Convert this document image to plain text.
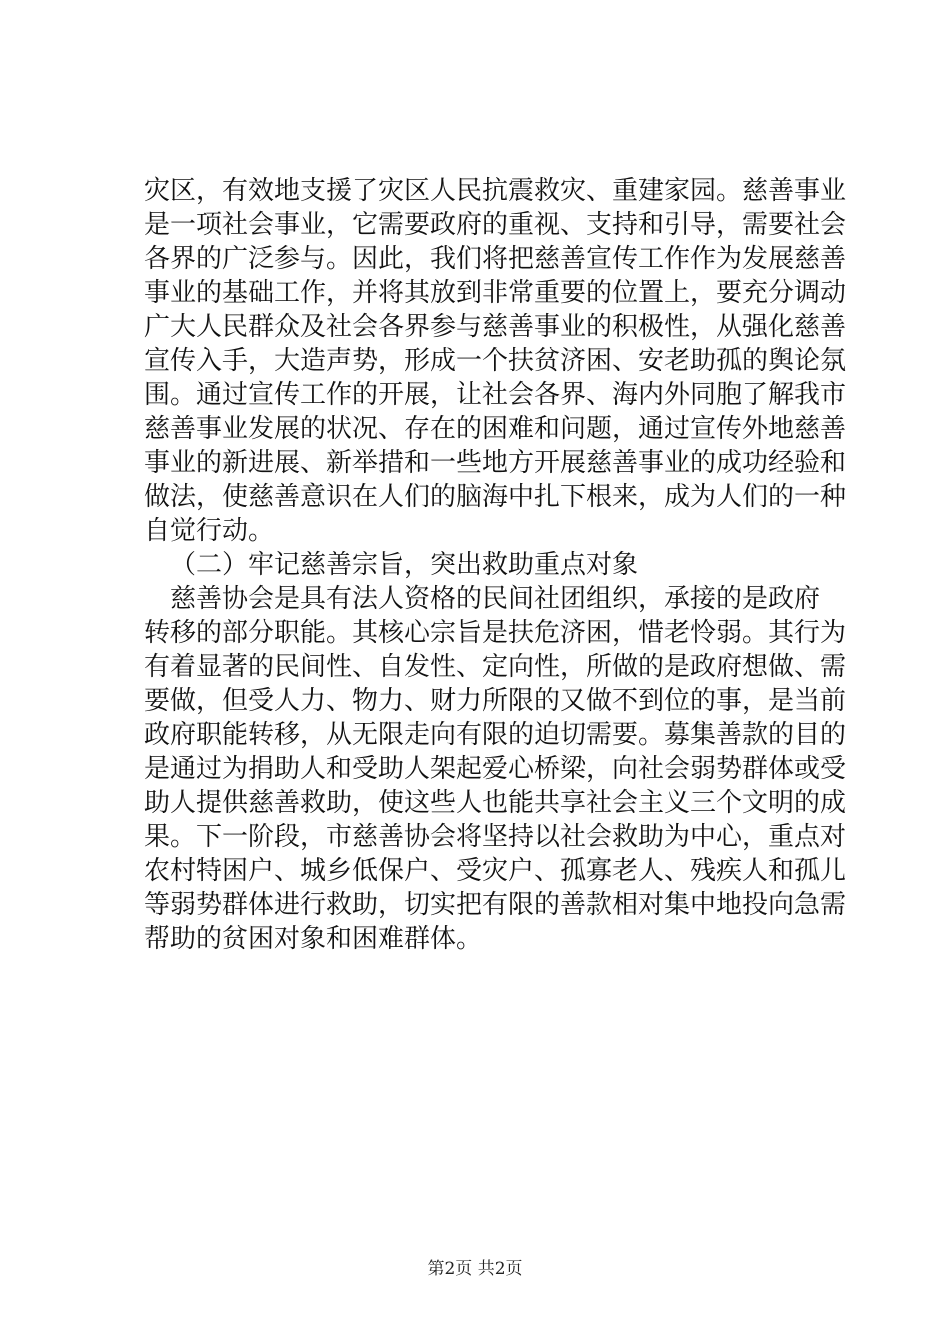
灾区，有效地支援了灾区人民抗震救灾、重建家园。慈善事业
是一项社会事业，它需要政府的重视、支持和引导，需要社会
各界的广泛参与。因此，我们将把慈善宣传工作作为发展慈善
事业的基础工作，并将其放到非常重要的位置上，要充分调动
广大人民群众及社会各界参与慈善事业的积极性，从强化慈善
宣传入手，大造声势，形成一个扶贫济困、安老助孤的舆论氛
围。通过宣传工作的开展，让社会各界、海内外同胞了解我市
慈善事业发展的状况、存在的困难和问题，通过宣传外地慈善
事业的新进展、新举措和一些地方开展慈善事业的成功经验和
做法，使慈善意识在人们的脑海中扎下根来，成为人们的一种
自觉行动。
（二）牢记慈善宗旨，突出救助重点对象
慈善协会是具有法人资格的民间社团组织，承接的是政府
转移的部分职能。其核心宗旨是扶危济困，惜老怜弱。其行为
有着显著的民间性、自发性、定向性，所做的是政府想做、需
要做，但受人力、物力、财力所限的又做不到位的事，是当前
政府职能转移，从无限走向有限的迫切需要。募集善款的目的
是通过为捐助人和受助人架起爱心桥梁，向社会弱势群体或受
助人提供慈善救助，使这些人也能共享社会主义三个文明的成
果。下一阶段，市慈善协会将坚持以社会救助为中心，重点对
农村特困户、城乡低保户、受灾户、孤寡老人、残疾人和孤儿
等弱势群体进行救助，切实把有限的善款相对集中地投向急需
帮助的贫困对象和困难群体。
第2页 共2页
